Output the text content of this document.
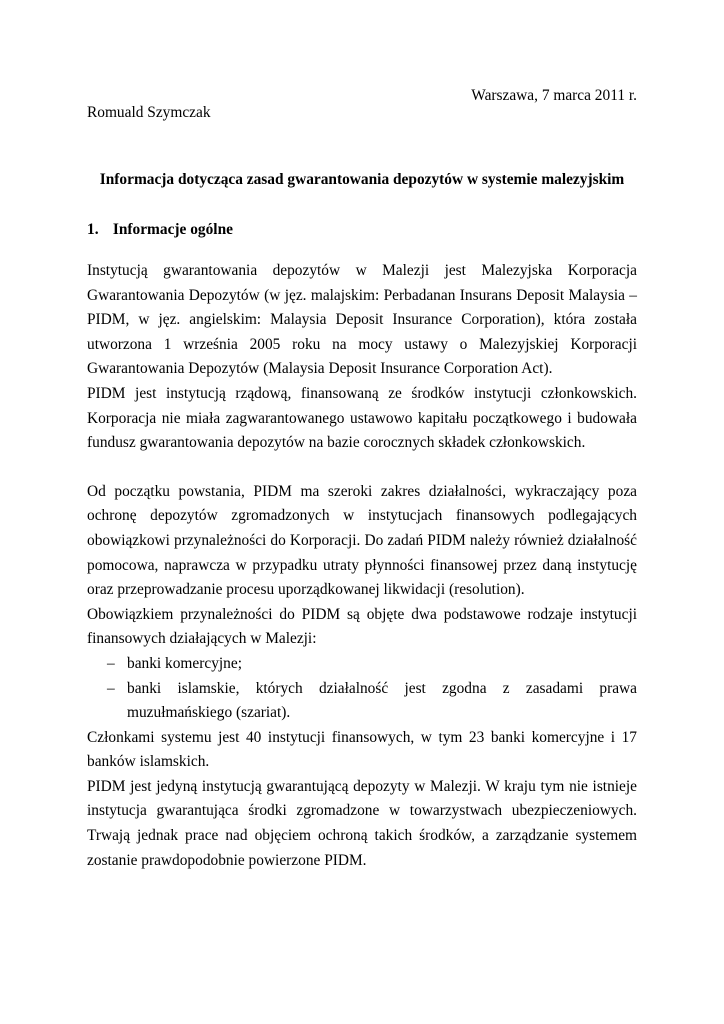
Warszawa, 7 marca 2011 r.
Romuald Szymczak
Informacja dotycząca zasad gwarantowania depozytów w systemie malezyjskim
1. Informacje ogólne

Instytucją gwarantowania depozytów w Malezji jest Malezyjska Korporacja Gwarantowania Depozytów (w jęz. malajskim: Perbadanan Insurans Deposit Malaysia – PIDM, w jęz. angielskim: Malaysia Deposit Insurance Corporation), która została utworzona 1 września 2005 roku na mocy ustawy o Malezyjskiej Korporacji Gwarantowania Depozytów (Malaysia Deposit Insurance Corporation Act).

PIDM jest instytucją rządową, finansowaną ze środków instytucji członkowskich. Korporacja nie miała zagwarantowanego ustawowo kapitału początkowego i budowała fundusz gwarantowania depozytów na bazie corocznych składek członkowskich.

Od początku powstania, PIDM ma szeroki zakres działalności, wykraczający poza ochronę depozytów zgromadzonych w instytucjach finansowych podlegających obowiązkowi przynależności do Korporacji. Do zadań PIDM należy również działalność pomocowa, naprawcza w przypadku utraty płynności finansowej przez daną instytucję oraz przeprowadzanie procesu uporządkowanej likwidacji (resolution).

Obowiązkiem przynależności do PIDM są objęte dwa podstawowe rodzaje instytucji finansowych działających w Malezji:

– banki komercyjne;
– banki islamskie, których działalność jest zgodna z zasadami prawa muzułmańskiego (szariat).

Członkami systemu jest 40 instytucji finansowych, w tym 23 banki komercyjne i 17 banków islamskich.

PIDM jest jedyną instytucją gwarantującą depozyty w Malezji. W kraju tym nie istnieje instytucja gwarantująca środki zgromadzone w towarzystwach ubezpieczeniowych. Trwają jednak prace nad objęciem ochroną takich środków, a zarządzanie systemem zostanie prawdopodobnie powierzone PIDM.
